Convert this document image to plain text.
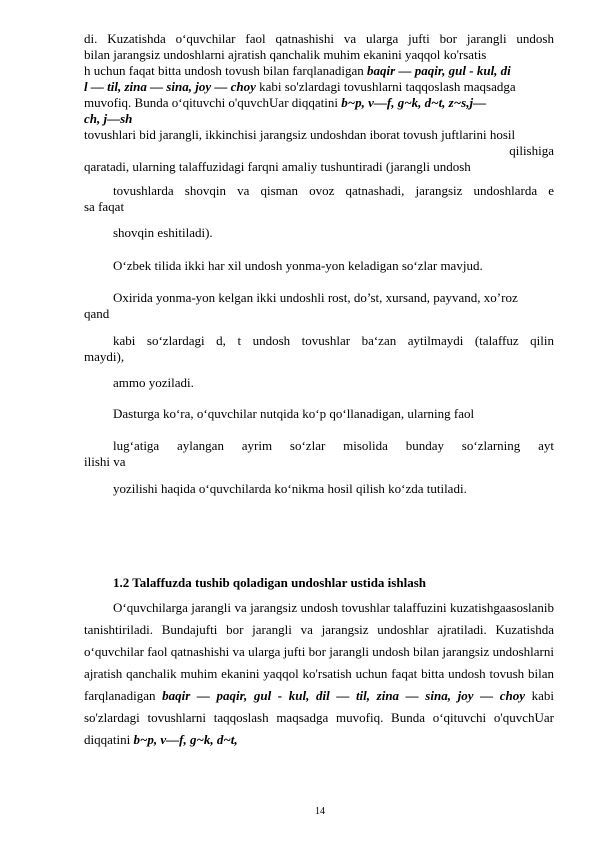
di. Kuzatishda o‘quvchilar faol qatnashishi va ularga jufti bor jarangli undosh
bilan jarangsiz undoshlarni ajratish qanchalik muhim ekanini yaqqol ko'rsatis
h uchun faqat bitta undosh tovush bilan farqlanadigan baqir — paqir, gul - kul, di
l — til, zina — sina, joy — choy kabi so'zlardagi tovushlarni taqqoslash maqsadga
muvofiq. Bunda o‘qituvchi o'quvchUar diqqatini b~p, v—f, g~k, d~t, z~s,j—
ch, j—sh
tovushlari bid jarangli, ikkinchisi jarangsiz undoshdan iborat tovush juftlarini hosil
qilishiga
qaratadi, ularning talaffuzidagi farqni amaliy tushuntiradi (jarangli undosh
tovushlarda shovqin va qisman ovoz qatnashadi, jarangsiz undoshlarda e
sa faqat
shovqin eshitiladi).
O‘zbek tilida ikki har xil undosh yonma-yon keladigan so‘zlar mavjud.
Oxirida yonma-yon kelgan ikki undoshli rost, do’st, xursand, payvand, xo’roz
qand
kabi so‘zlardagi d, t undosh tovushlar ba‘zan aytilmaydi (talaffuz qilin
maydi),
ammo yoziladi.
Dasturga ko‘ra, o‘quvchilar nutqida ko‘p qo‘llanadigan, ularning faol
lug‘atiga aylangan ayrim so‘zlar misolida bunday so‘zlarning ayt
ilishi va
yozilishi haqida o‘quvchilarda ko‘nikma hosil qilish ko‘zda tutiladi.
1.2 Talaffuzda tushib qoladigan undoshlar ustida ishlash
O‘quvchilarga jarangli va jarangsiz undosh tovushlar talaffuzini kuzatishgaasoslanib tanishtiriladi. Bundajufti bor jarangli va jarangsiz undoshlar ajratiladi. Kuzatishda o‘quvchilar faol qatnashishi va ularga jufti bor jarangli undosh bilan jarangsiz undoshlarni ajratish qanchalik muhim ekanini yaqqol ko'rsatish uchun faqat bitta undosh tovush bilan farqlanadigan baqir — paqir, gul - kul, dil — til, zina — sina, joy — choy kabi so'zlardagi tovushlarni taqqoslash maqsadga muvofiq. Bunda o‘qituvchi o'quvchUar diqqatini b~p, v—f, g~k, d~t,
14
